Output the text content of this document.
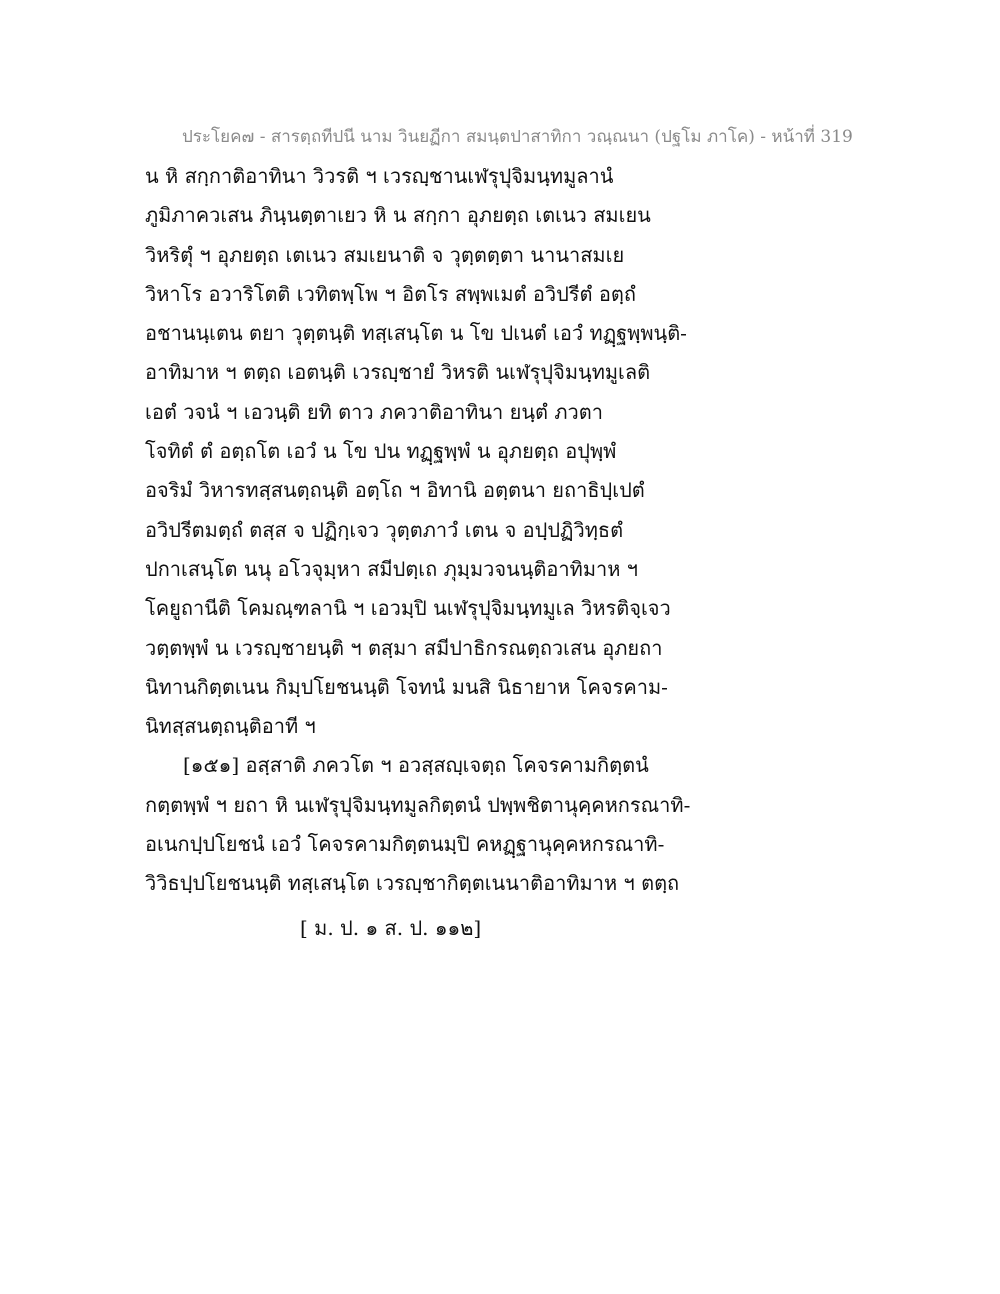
ประโยค๗ - สารตฺถทีปนี นาม วินยฏีกา สมนฺตปาสาทิกา วณฺณนา (ปฐโม ภาโค) - หน้าที่ 319
น หิ สกฺกาติอาทินา วิวรติ ฯ เวรญฺชานเฬรุปุจิมนฺทมูลานํ
ภูมิภาควเสน ภินฺนตฺตาเยว หิ น สกฺกา อุภยตฺถ เตเนว สมเยน
วิหริตุํ ฯ อุภยตฺถ เตเนว สมเยนาติ จ วุตฺตตฺตา นานาสมเย
วิหาโร อวาริโตติ เวทิตพฺโพ ฯ อิตโร สพฺพเมตํ อวิปรีตํ อตฺถํ
อชานนฺเตน ตยา วุตฺตนฺติ ทสฺเสนฺโต น โข ปเนตํ เอวํ ทฏฺฐพฺพนฺติ-
อาทิมาห ฯ ตตฺถ เอตนฺติ เวรญฺชายํ วิหรติ นเฬรุปุจิมนฺทมูเลติ
เอตํ วจนํ ฯ เอวนฺติ ยทิ ตาว ภควาติอาทินา ยนฺตํ ภวตา
โจทิตํ ตํ อตฺถโต เอวํ น โข ปน ทฏฺฐพฺพํ น อุภยตฺถ อปุพฺพํ
อจริมํ วิหารทสฺสนตฺถนฺติ อตฺโถ ฯ อิทานิ อตฺตนา ยถาธิปฺเปตํ
อวิปรีตมตฺถํ ตสฺส จ ปฏิกฺเจว วุตฺตภาวํ เตน จ อปฺปฏิวิทฺธตํ
ปกาเสนฺโต นนุ อโวจุมฺหา สมีปตฺเถ ภุมฺมวจนนฺติอาทิมาห ฯ
โคยูถานีติ โคมณฺฑลานิ ฯ เอวมฺปิ นเฬรุปุจิมนฺทมูเล วิหรติจฺเจว
วตฺตพฺพํ น เวรญฺชายนฺติ ฯ ตสฺมา สมีปาธิกรณตฺถวเสน อุภยถา
นิทานกิตฺตเนน กิมฺปโยชนนฺติ โจทนํ มนสิ นิธายาห โคจรคาม-
นิทสฺสนตฺถนฺติอาที ฯ
[๑๕๑] อสฺสาติ ภควโต ฯ อวสฺสญฺเจตฺถ โคจรคามกิตฺตนํ
กตฺตพฺพํ ฯ ยถา หิ นเฬรุปุจิมนฺทมูลกิตฺตนํ ปพฺพชิตานุคฺคหกรณาทิ-
อเนกปฺปโยชนํ เอวํ โคจรคามกิตฺตนมฺปิ คหฏฺฐานุคฺคหกรณาทิ-
วิวิธปฺปโยชนนฺติ ทสฺเสนฺโต เวรญฺชากิตฺตเนนาติอาทิมาห ฯ ตตฺถ
[ ม. ป. ๑ ส. ป. ๑๑๒]
